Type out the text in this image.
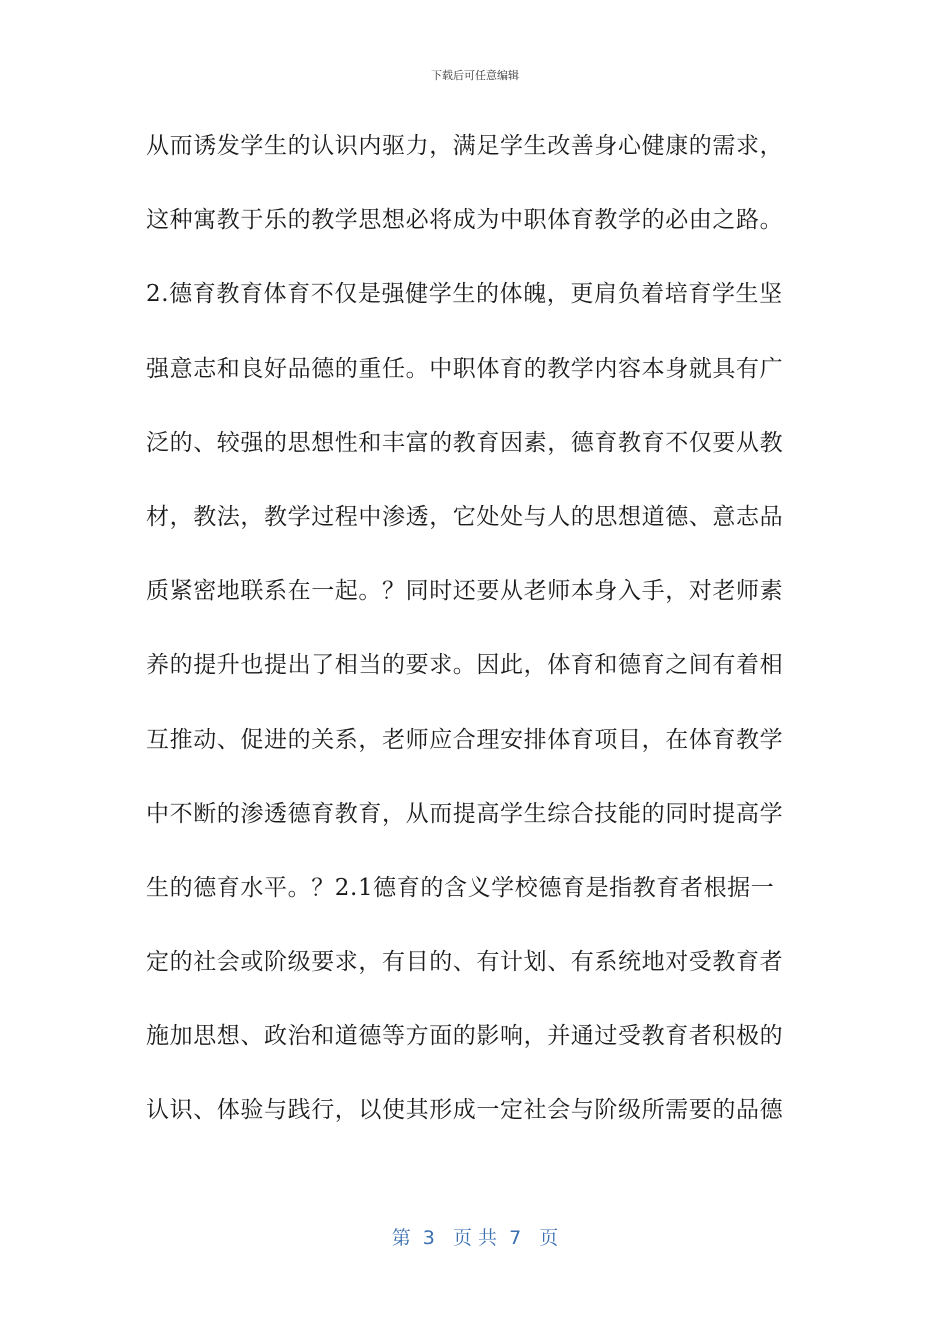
下载后可任意编辑
从而诱发学生的认识内驱力，满足学生改善身心健康的需求，
这种寓教于乐的教学思想必将成为中职体育教学的必由之路。
2.德育教育体育不仅是强健学生的体魄，更肩负着培育学生坚
强意志和良好品德的重任。中职体育的教学内容本身就具有广
泛的、较强的思想性和丰富的教育因素，德育教育不仅要从教
材，教法，教学过程中渗透，它处处与人的思想道德、意志品
质紧密地联系在一起。？同时还要从老师本身入手，对老师素
养的提升也提出了相当的要求。因此，体育和德育之间有着相
互推动、促进的关系，老师应合理安排体育项目，在体育教学
中不断的渗透德育教育，从而提高学生综合技能的同时提高学
生的德育水平。？2.1德育的含义学校德育是指教育者根据一
定的社会或阶级要求，有目的、有计划、有系统地对受教育者
施加思想、政治和道德等方面的影响，并通过受教育者积极的
认识、体验与践行，以使其形成一定社会与阶级所需要的品德
第  3   页 共  7   页
